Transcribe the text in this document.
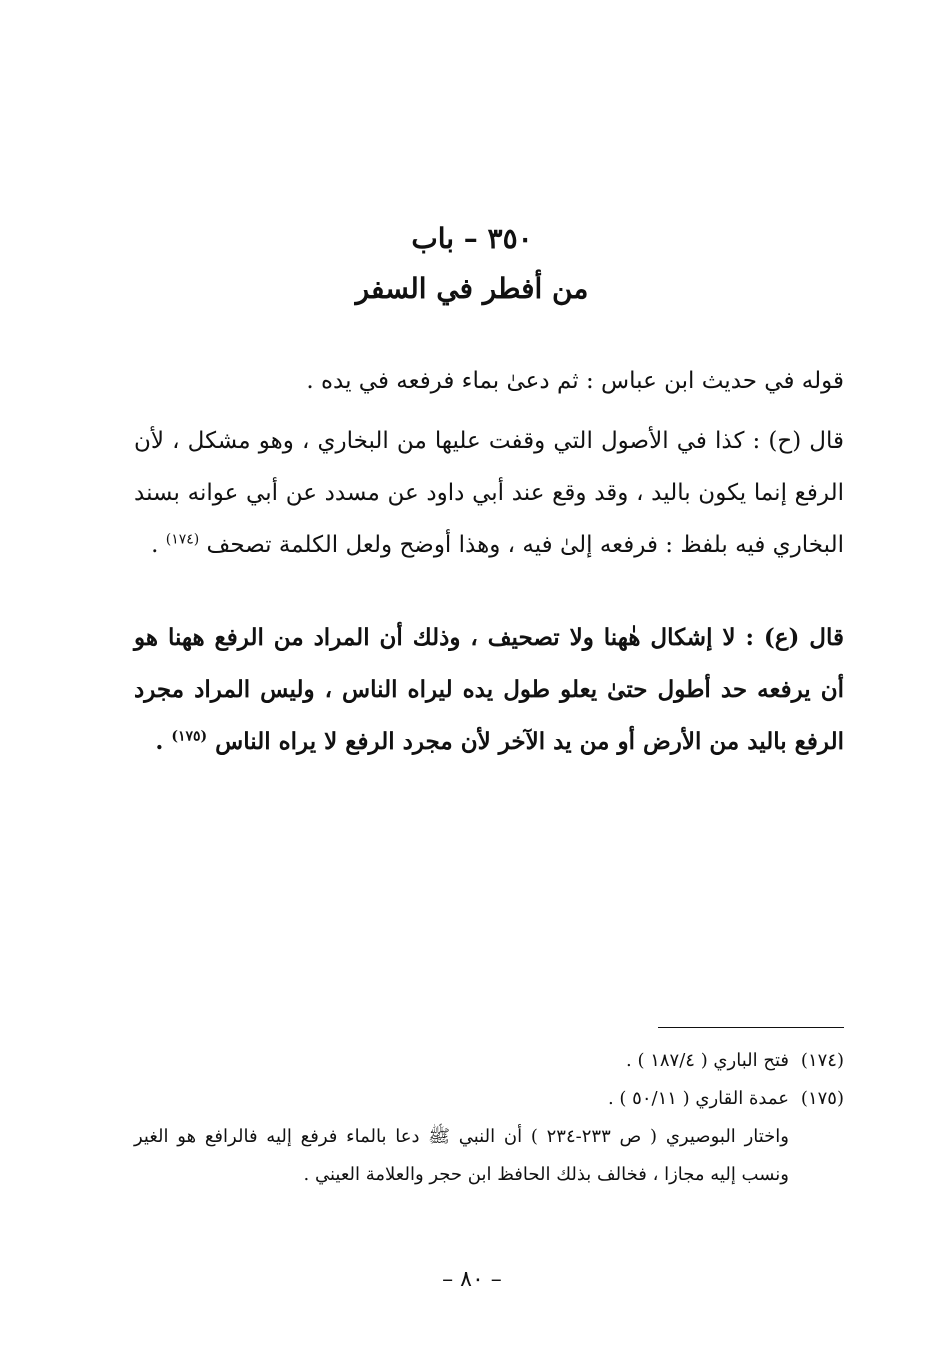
٣٥٠ – باب
من أفطر في السفر

قوله في حديث ابن عباس : ثم دعىٰ بماء فرفعه في يده .

قال (ح) : كذا في الأصول التي وقفت عليها من البخاري ، وهو مشكل ، لأن الرفع إنما يكون باليد ، وقد وقع عند أبي داود عن مسدد عن أبي عوانه بسند البخاري فيه بلفظ : فرفعه إلىٰ فيه ، وهذا أوضح ولعل الكلمة تصحف $^{(١٧٤)}$ .

قال (ع) : لا إشكال هٰهنا ولا تصحيف ، وذلك أن المراد من الرفع ههنا هو أن يرفعه حد أطول حتىٰ يعلو طول يده ليراه الناس ، وليس المراد مجرد الرفع باليد من الأرض أو من يد الآخر لأن مجرد الرفع لا يراه الناس $^{(١٧٥)}$ .

(١٧٤)

فتح الباري ( ١٨٧/٤ ) .

(١٧٥)

عمدة القاري ( ٥٠/١١ ) .

واختار البوصيري ( ص ٢٣٣-٢٣٤ ) أن النبي ﷺ دعا بالماء فرفع إليه فالرافع هو الغير ونسب إليه مجازا ، فخالف بذلك الحافظ ابن حجر والعلامة العيني .

– ٨٠ –
